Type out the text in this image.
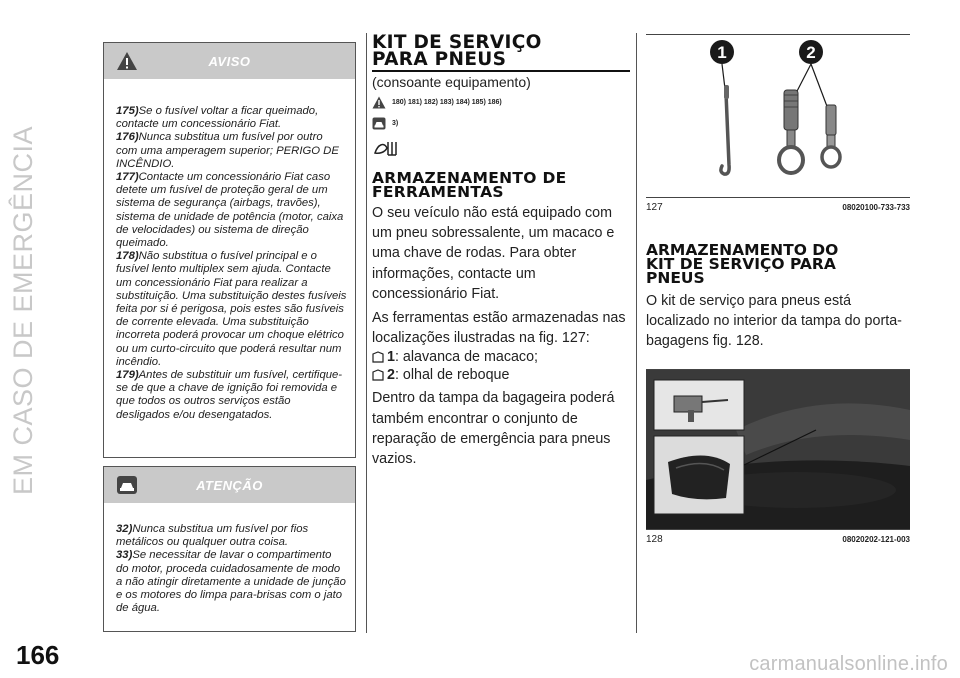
EM CASO DE EMERGÊNCIA
166
AVISO

175)Se o fusível voltar a ficar queimado, contacte um concessionário Fiat.

176)Nunca substitua um fusível por outro com uma amperagem superior; PERIGO DE INCÊNDIO.

177)Contacte um concessionário Fiat caso detete um fusível de proteção geral de um sistema de segurança (airbags, travões), sistema de unidade de potência (motor, caixa de velocidades) ou sistema de direção queimado.

178)Não substitua o fusível principal e o fusível lento multiplex sem ajuda. Contacte um concessionário Fiat para realizar a substituição. Uma substituição destes fusíveis feita por si é perigosa, pois estes são fusíveis de corrente elevada. Uma substituição incorreta poderá provocar um choque elétrico ou um curto-circuito que poderá resultar num incêndio.

179)Antes de substituir um fusível, certifique-se de que a chave de ignição foi removida e que todos os outros serviços estão desligados e/ou desengatados.

ATENÇÃO

32)Nunca substitua um fusível por fios metálicos ou qualquer outra coisa.

33)Se necessitar de lavar o compartimento do motor, proceda cuidadosamente de modo a não atingir diretamente a unidade de junção e os motores do limpa para-brisas com o jato de água.

KIT DE SERVIÇO
PARA PNEUS
(consoante equipamento)
180) 181) 182) 183) 184) 185) 186)
3)
ARMAZENAMENTO DE
FERRAMENTAS

O seu veículo não está equipado com um pneu sobressalente, um macaco e uma chave de rodas. Para obter informações, contacte um concessionário Fiat.

As ferramentas estão armazenadas nas localizações ilustradas na fig. 127:

1 : alavanca de macaco;
2 : olhal de reboque

Dentro da tampa da bagageira poderá também encontrar o conjunto de reparação de emergência para pneus vazios.

1	2
127	08020100-733-733
ARMAZENAMENTO DO
KIT DE SERVIÇO PARA
PNEUS

O kit de serviço para pneus está localizado no interior da tampa do porta-bagagens fig. 128.

128	08020202-121-003
carmanualsonline.info
